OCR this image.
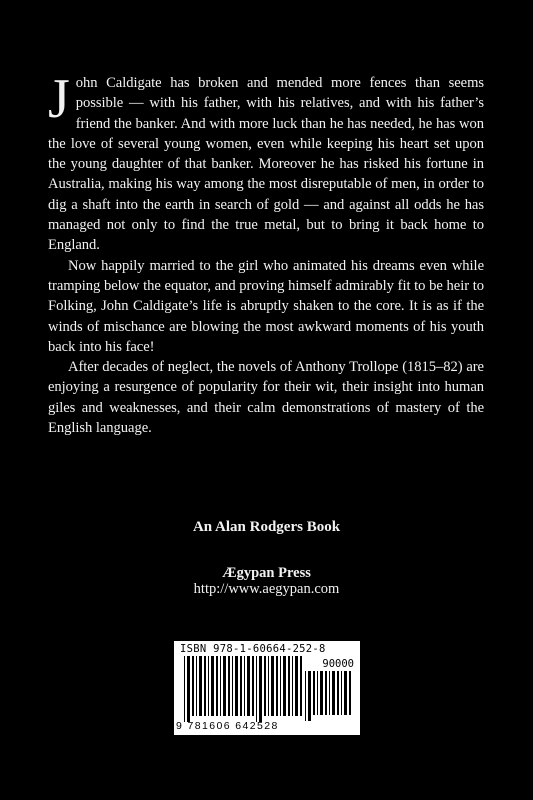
John Caldigate has broken and mended more fences than seems possible — with his father, with his relatives, and with his father’s friend the banker. And with more luck than he has needed, he has won the love of several young women, even while keeping his heart set upon the young daughter of that banker. Moreover he has risked his fortune in Australia, making his way among the most disreputable of men, in order to dig a shaft into the earth in search of gold — and against all odds he has managed not only to find the true metal, but to bring it back home to England.

Now happily married to the girl who animated his dreams even while tramping below the equator, and proving himself admirably fit to be heir to Folking, John Caldigate’s life is abruptly shaken to the core. It is as if the winds of mischance are blowing the most awkward moments of his youth back into his face!

After decades of neglect, the novels of Anthony Trollope (1815–82) are enjoying a resurgence of popularity for their wit, their insight into human giles and weaknesses, and their calm demonstrations of mastery of the English language.

An Alan Rodgers Book
Ægypan Press
http://www.aegypan.com
ISBN 978-1-60664-252-8
90000
9 781606 642528
